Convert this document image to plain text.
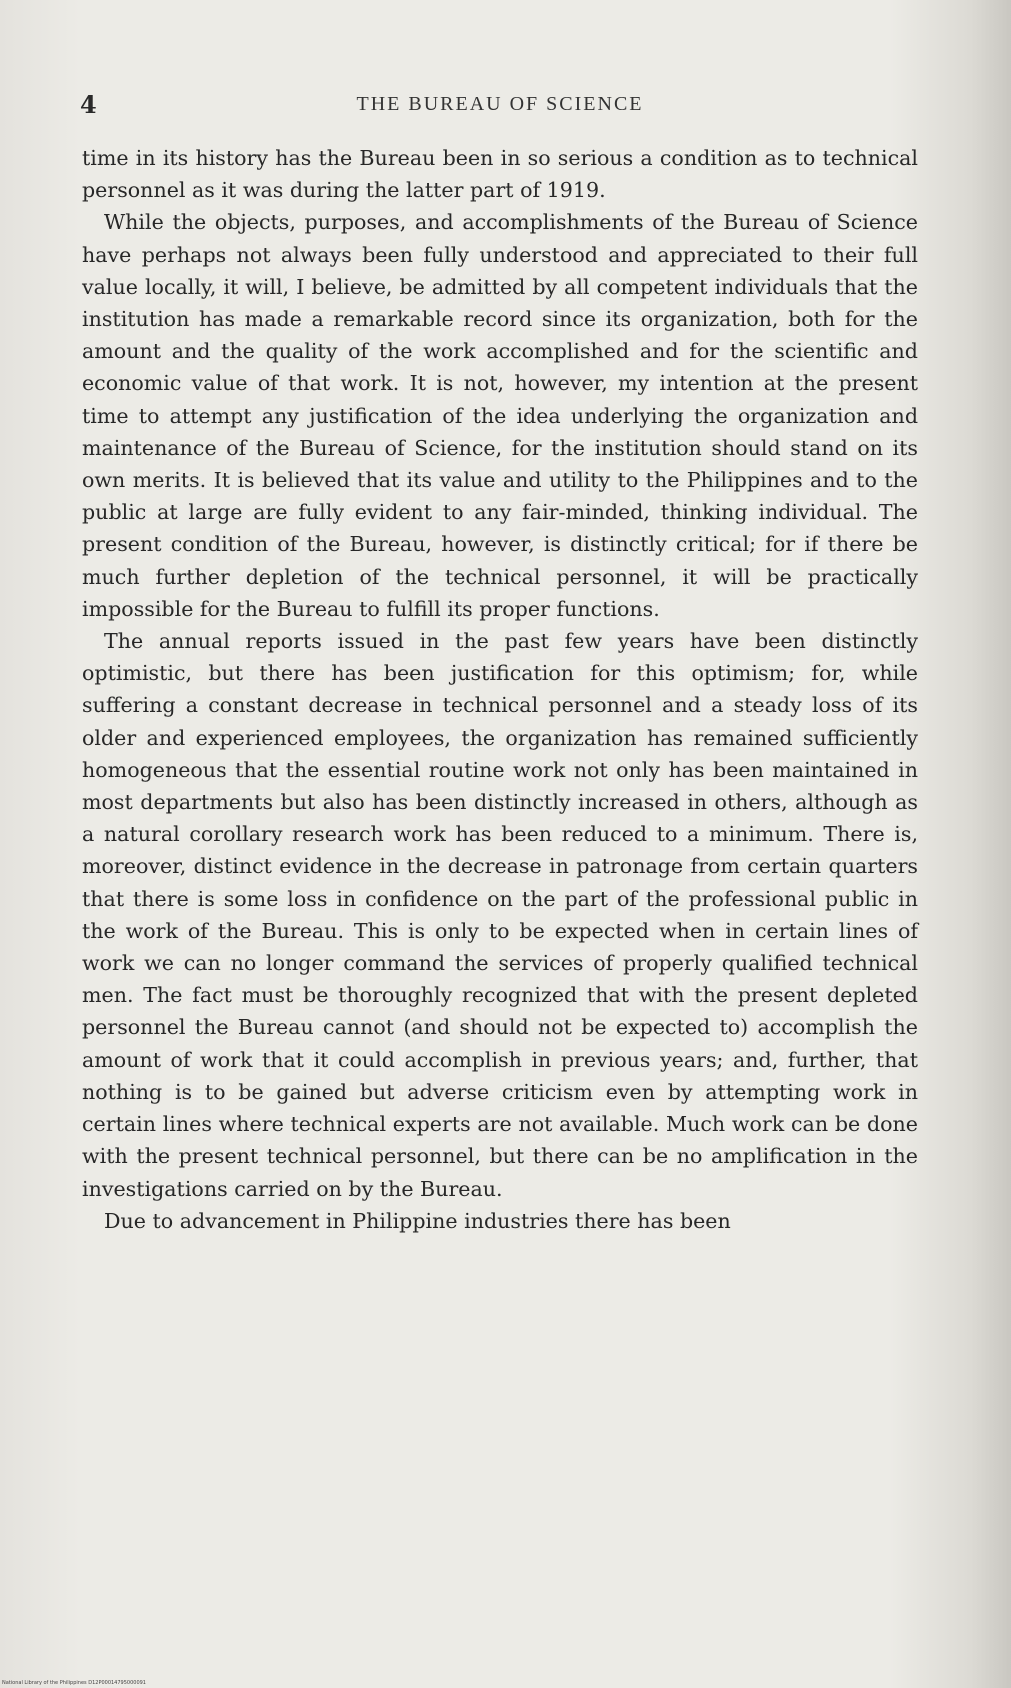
4	THE BUREAU OF SCIENCE

time in its history has the Bureau been in so serious a condition as to technical personnel as it was during the latter part of 1919.

While the objects, purposes, and accomplishments of the Bureau of Science have perhaps not always been fully understood and appreciated to their full value locally, it will, I believe, be admitted by all competent individuals that the institution has made a remarkable record since its organization, both for the amount and the quality of the work accomplished and for the scientific and economic value of that work. It is not, however, my intention at the present time to attempt any justification of the idea underlying the organization and maintenance of the Bureau of Science, for the institution should stand on its own merits. It is believed that its value and utility to the Philippines and to the public at large are fully evident to any fair-minded, thinking individual. The present condition of the Bureau, however, is distinctly critical; for if there be much further depletion of the technical personnel, it will be practically impossible for the Bureau to fulfill its proper functions.

The annual reports issued in the past few years have been distinctly optimistic, but there has been justification for this optimism; for, while suffering a constant decrease in technical personnel and a steady loss of its older and experienced employees, the organization has remained sufficiently homogeneous that the essential routine work not only has been maintained in most departments but also has been distinctly increased in others, although as a natural corollary research work has been reduced to a minimum. There is, moreover, distinct evidence in the decrease in patronage from certain quarters that there is some loss in confidence on the part of the professional public in the work of the Bureau. This is only to be expected when in certain lines of work we can no longer command the services of properly qualified technical men. The fact must be thoroughly recognized that with the present depleted personnel the Bureau cannot (and should not be expected to) accomplish the amount of work that it could accomplish in previous years; and, further, that nothing is to be gained but adverse criticism even by attempting work in certain lines where technical experts are not available. Much work can be done with the present technical personnel, but there can be no amplification in the investigations carried on by the Bureau.

Due to advancement in Philippine industries there has been

National Library of the Philippines D12P00014795000091
